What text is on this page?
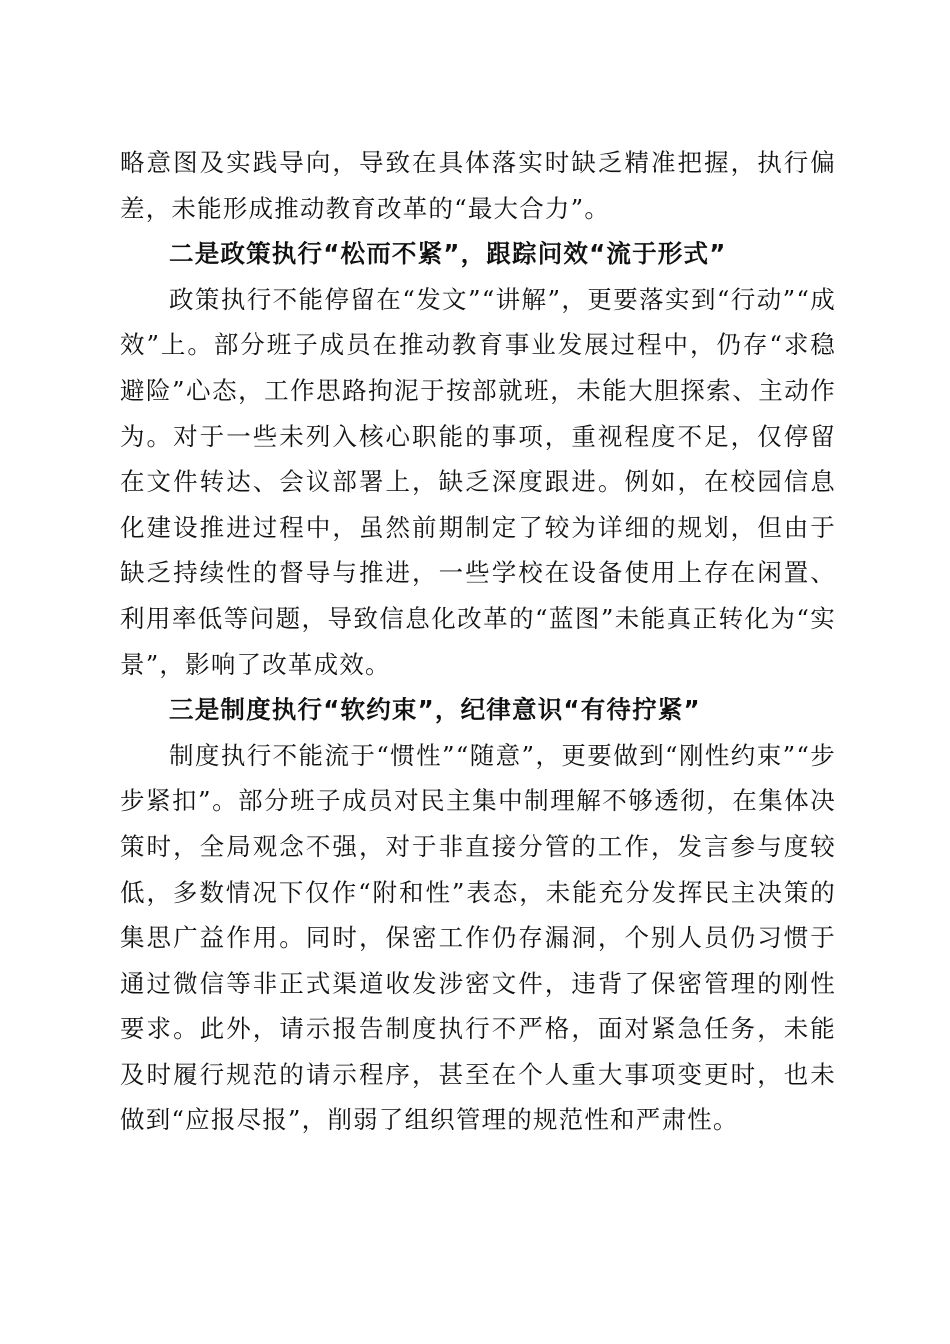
略意图及实践导向，导致在具体落实时缺乏精准把握，执行偏差，未能形成推动教育改革的“最大合力”。

二是政策执行“松而不紧”，跟踪问效“流于形式”

政策执行不能停留在“发文”“讲解”，更要落实到“行动”“成效”上。部分班子成员在推动教育事业发展过程中，仍存“求稳避险”心态，工作思路拘泥于按部就班，未能大胆探索、主动作为。对于一些未列入核心职能的事项，重视程度不足，仅停留在文件转达、会议部署上，缺乏深度跟进。例如，在校园信息化建设推进过程中，虽然前期制定了较为详细的规划，但由于缺乏持续性的督导与推进，一些学校在设备使用上存在闲置、利用率低等问题，导致信息化改革的“蓝图”未能真正转化为“实景”，影响了改革成效。

三是制度执行“软约束”，纪律意识“有待拧紧”

制度执行不能流于“惯性”“随意”，更要做到“刚性约束”“步步紧扣”。部分班子成员对民主集中制理解不够透彻，在集体决策时，全局观念不强，对于非直接分管的工作，发言参与度较低，多数情况下仅作“附和性”表态，未能充分发挥民主决策的集思广益作用。同时，保密工作仍存漏洞，个别人员仍习惯于通过微信等非正式渠道收发涉密文件，违背了保密管理的刚性要求。此外，请示报告制度执行不严格，面对紧急任务，未能及时履行规范的请示程序，甚至在个人重大事项变更时，也未做到“应报尽报”，削弱了组织管理的规范性和严肃性。
